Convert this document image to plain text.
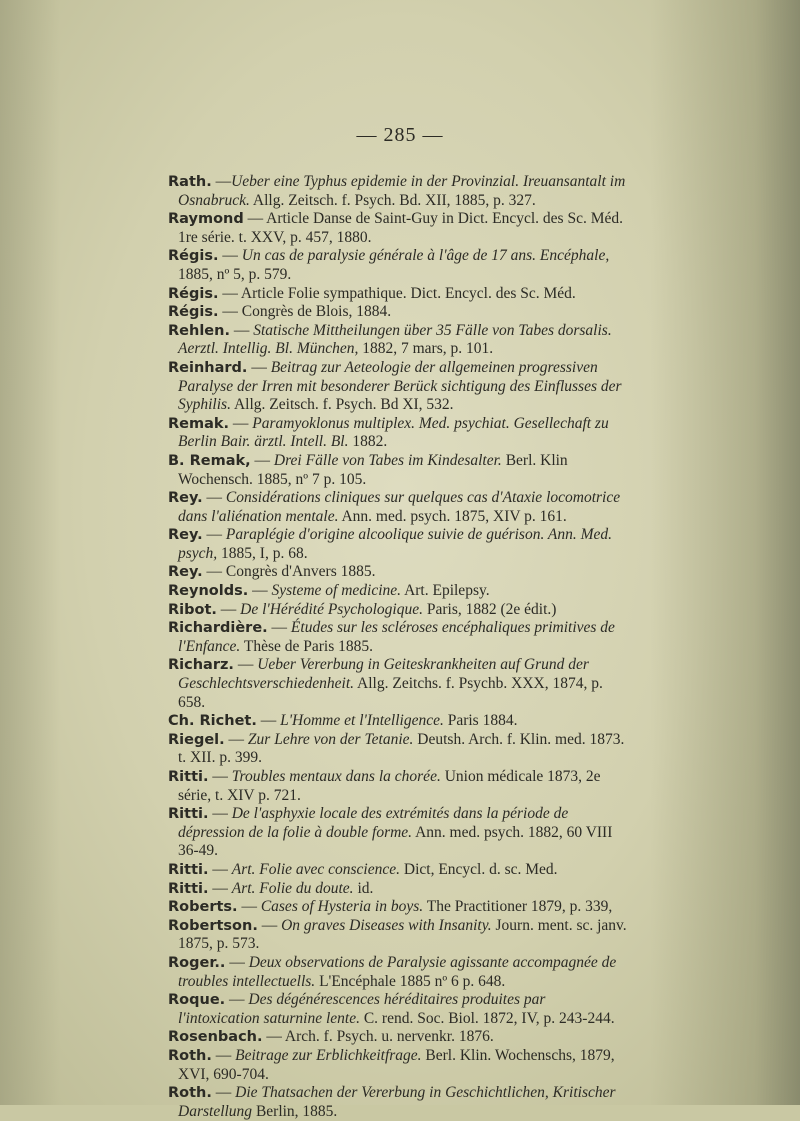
— 285 —
Rath. —Ueber eine Typhus epidemie in der Provinzial. Ireuansantalt im Osnabruck. Allg. Zeitsch. f. Psych. Bd. XII, 1885, p. 327.
Raymond — Article Danse de Saint-Guy in Dict. Encycl. des Sc. Méd. 1re série. t. XXV, p. 457, 1880.
Régis. — Un cas de paralysie générale à l'âge de 17 ans. Encéphale, 1885, nº 5, p. 579.
Régis. — Article Folie sympathique. Dict. Encycl. des Sc. Méd.
Régis. — Congrès de Blois, 1884.
Rehlen. — Statische Mittheilungen über 35 Fälle von Tabes dorsalis. Aerztl. Intellig. Bl. München, 1882, 7 mars, p. 101.
Reinhard. — Beitrag zur Aeteologie der allgemeinen progressiven Paralyse der Irren mit besonderer Berück sichtigung des Einflusses der Syphilis. Allg. Zeitsch. f. Psych. Bd XI, 532.
Remak. — Paramyoklonus multiplex. Med. psychiat. Gesellechaft zu Berlin Bair. ärztl. Intell. Bl. 1882.
B. Remak, — Drei Fälle von Tabes im Kindesalter. Berl. Klin Wochensch. 1885, nº 7 p. 105.
Rey. — Considérations cliniques sur quelques cas d'Ataxie locomotrice dans l'aliénation mentale. Ann. med. psych. 1875, XIV p. 161.
Rey. — Paraplégie d'origine alcoolique suivie de guérison. Ann. Med. psych, 1885, I, p. 68.
Rey. — Congrès d'Anvers 1885.
Reynolds. — Systeme of medicine. Art. Epilepsy.
Ribot. — De l'Hérédité Psychologique. Paris, 1882 (2e édit.)
Richardière. — Études sur les scléroses encéphaliques primitives de l'Enfance. Thèse de Paris 1885.
Richarz. — Ueber Vererbung in Geiteskrankheiten auf Grund der Geschlechtsverschiedenheit. Allg. Zeitchs. f. Psychb. XXX, 1874, p. 658.
Ch. Richet. — L'Homme et l'Intelligence. Paris 1884.
Riegel. — Zur Lehre von der Tetanie. Deutsh. Arch. f. Klin. med. 1873. t. XII. p. 399.
Ritti. — Troubles mentaux dans la chorée. Union médicale 1873, 2e série, t. XIV p. 721.
Ritti. — De l'asphyxie locale des extrémités dans la période de dépression de la folie à double forme. Ann. med. psych. 1882, 60 VIII 36-49.
Ritti. — Art. Folie avec conscience. Dict, Encycl. d. sc. Med.
Ritti. — Art. Folie du doute. id.
Roberts. — Cases of Hysteria in boys. The Practitioner 1879, p. 339,
Robertson. — On graves Diseases with Insanity. Journ. ment. sc. janv. 1875, p. 573.
Roger.. — Deux observations de Paralysie agissante accompagnée de troubles intellectuells. L'Encéphale 1885 nº 6 p. 648.
Roque. — Des dégénérescences héréditaires produites par l'intoxication saturnine lente. C. rend. Soc. Biol. 1872, IV, p. 243-244.
Rosenbach. — Arch. f. Psych. u. nervenkr. 1876.
Roth. — Beitrage zur Erblichkeitfrage. Berl. Klin. Wochenschs, 1879, XVI, 690-704.
Roth. — Die Thatsachen der Vererbung in Geschichtlichen, Kritischer Darstellung Berlin, 1885.
